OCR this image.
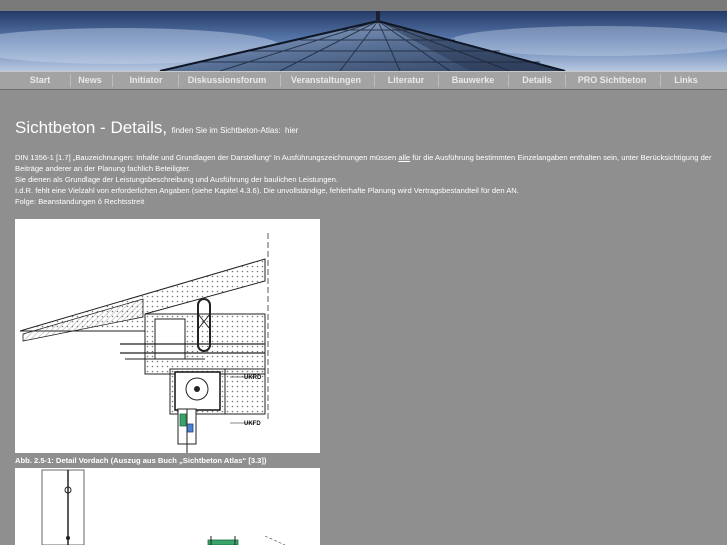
Start	News	Initiator	Diskussionsforum	Veranstaltungen	Literatur	Bauwerke	Details	PRO Sichtbeton	Links
Sichtbeton - Details, finden Sie im Sichtbeton-Atlas: hier
DIN 1356-1 [1.7] „Bauzeichnungen: Inhalte und Grundlagen der Darstellung“ In Ausführungszeichnungen müssen alle für die Ausführung bestimmten Einzelangaben enthalten sein, unter Berücksichtigung der
Beiträge anderer an der Planung fachlich Beteiligter.
Sie dienen als Grundlage der Leistungsbeschreibung und Ausführung der baulichen Leistungen.
I.d.R. fehlt eine Vielzahl von erforderlichen Angaben (siehe Kapitel 4.3.6). Die unvollständige, fehlerhafte Planung wird Vertragsbestandteil für den AN.
Folge: Beanstandungen ô Rechtsstreit
UKRD
UKFD
Abb. 2.5-1: Detail Vordach (Auszug aus Buch „Sichtbeton Atlas“ [3.3])
